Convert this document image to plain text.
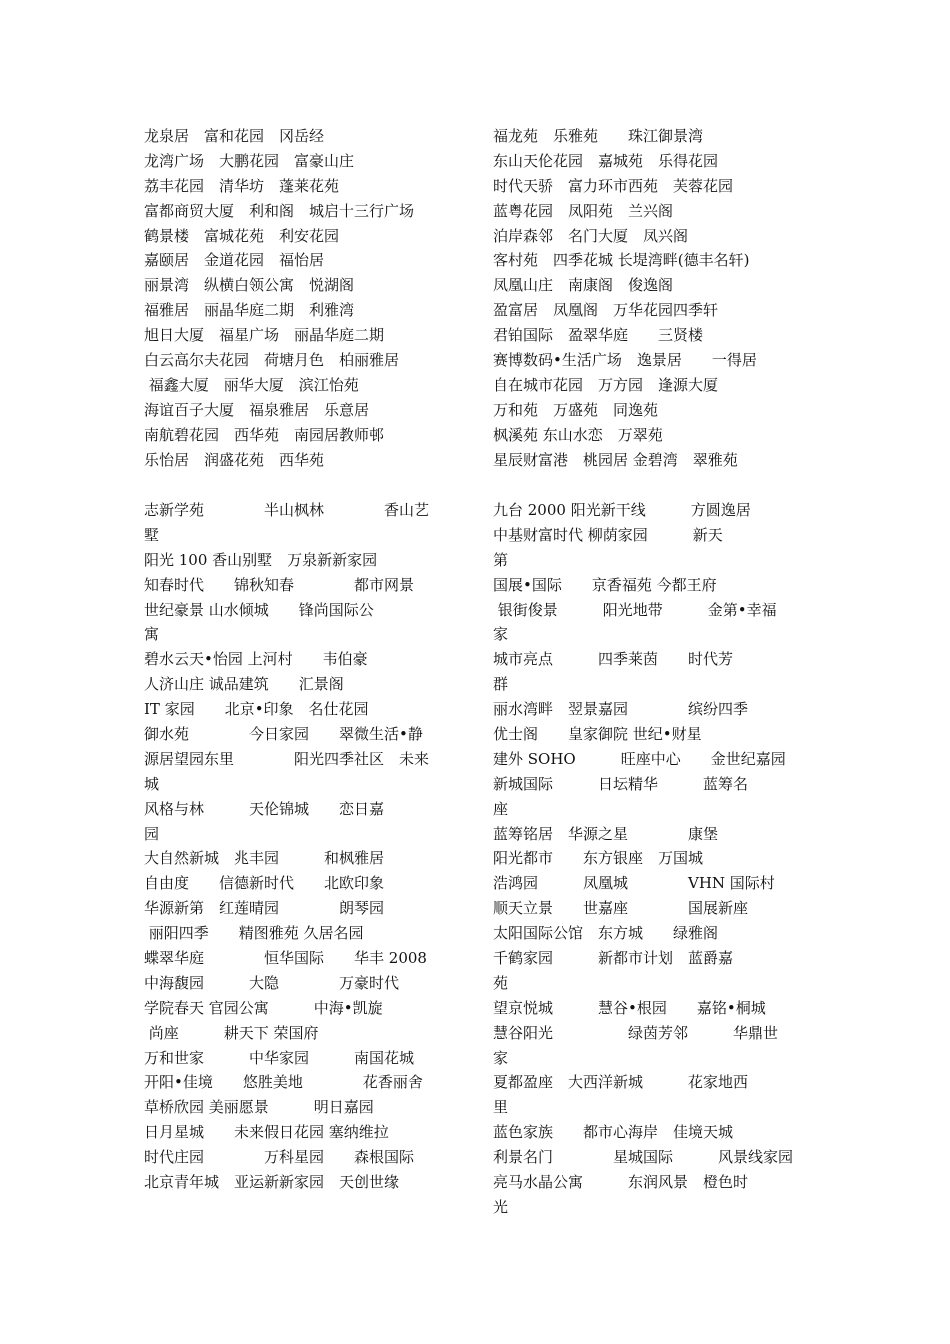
龙泉居　富和花园　冈岳经
龙湾广场　大鹏花园　富豪山庄
荔丰花园　清华坊　蓬莱花苑
富都商贸大厦　利和阁　城启十三行广场
鹤景楼　富城花苑　利安花园
嘉颐居　金道花园　福怡居
丽景湾　纵横白领公寓　悦湖阁
福雅居　丽晶华庭二期　利雅湾
旭日大厦　福星广场　丽晶华庭二期
白云高尔夫花园　荷塘月色　柏丽雅居
福鑫大厦　丽华大厦　滨江怡苑
海谊百子大厦　福泉雅居　乐意居
南航碧花园　西华苑　南园居教师邨
乐怡居　润盛花苑　西华苑
福龙苑　乐雅苑　　珠江御景湾
东山天伦花园　嘉城苑　乐得花园
时代天骄　富力环市西苑　芙蓉花园
蓝粤花园　凤阳苑　兰兴阁
泊岸森邻　名门大厦　凤兴阁
客村苑　四季花城 长堤湾畔(德丰名轩)
凤凰山庄　南康阁　俊逸阁
盈富居　凤凰阁　万华花园四季轩
君铂国际　盈翠华庭　　三贤楼
赛博数码•生活广场　逸景居　　一得居
自在城市花园　万方园　逢源大厦
万和苑　万盛苑　同逸苑
枫溪苑 东山水恋　万翠苑
星辰财富港　桃园居 金碧湾　翠雅苑
志新学苑　　　　半山枫林　　　　香山艺
墅
阳光 100 香山别墅　万泉新新家园
知春时代　　锦秋知春　　　　都市网景
世纪豪景 山水倾城　　锋尚国际公
寓
碧水云天•怡园 上河村　　韦伯豪
人济山庄 诚品建筑　　汇景阁
IT 家园　　北京•印象　名仕花园
御水苑　　　　今日家园　　翠微生活•静
源居望园东里　　　　阳光四季社区　未来
城
风格与林　　　天伦锦城　　恋日嘉
园
大自然新城　兆丰园　　　和枫雅居
自由度　　信德新时代　　北欧印象
华源新第　红莲晴园　　　　朗琴园
丽阳四季　　精图雅苑 久居名园
蝶翠华庭　　　　恒华国际　　华丰 2008
中海馥园　　　大隐　　　　万豪时代
学院春天 官园公寓　　　中海•凯旋
尚座　　　耕天下 荣国府
万和世家　　　中华家园　　　南国花城
开阳•佳境　　悠胜美地　　　　花香丽舍
草桥欣园 美丽愿景　　　明日嘉园
日月星城　　未来假日花园 塞纳维拉
时代庄园　　　　万科星园　　森根国际
北京青年城　亚运新新家园　天创世缘
九台 2000 阳光新干线　　　方圆逸居
中基财富时代 柳荫家园　　　新天
第
国展•国际　　京香福苑 今都王府
银街俊景　　　阳光地带　　　金第•幸福
家
城市亮点　　　四季莱茵　　时代芳
群
丽水湾畔　翌景嘉园　　　　缤纷四季
优士阁　　皇家御院 世纪•财星
建外 SOHO　　　旺座中心　　金世纪嘉园
新城国际　　　日坛精华　　　蓝筹名
座
蓝筹铭居　华源之星　　　　康堡
阳光都市　　东方银座　万国城
浩鸿园　　　凤凰城　　　　VHN 国际村
顺天立景　　世嘉座　　　　国展新座
太阳国际公馆　东方城　　绿雅阁
千鹤家园　　　新都市计划　蓝爵嘉
苑
望京悦城　　　慧谷•根园　　嘉铭•桐城
慧谷阳光　　　　　绿茵芳邻　　　华鼎世
家
夏都盈座　大西洋新城　　　花家地西
里
蓝色家族　　都市心海岸　佳境天城
利景名门　　　　星城国际　　　风景线家园
亮马水晶公寓　　　东润风景　橙色时
光
